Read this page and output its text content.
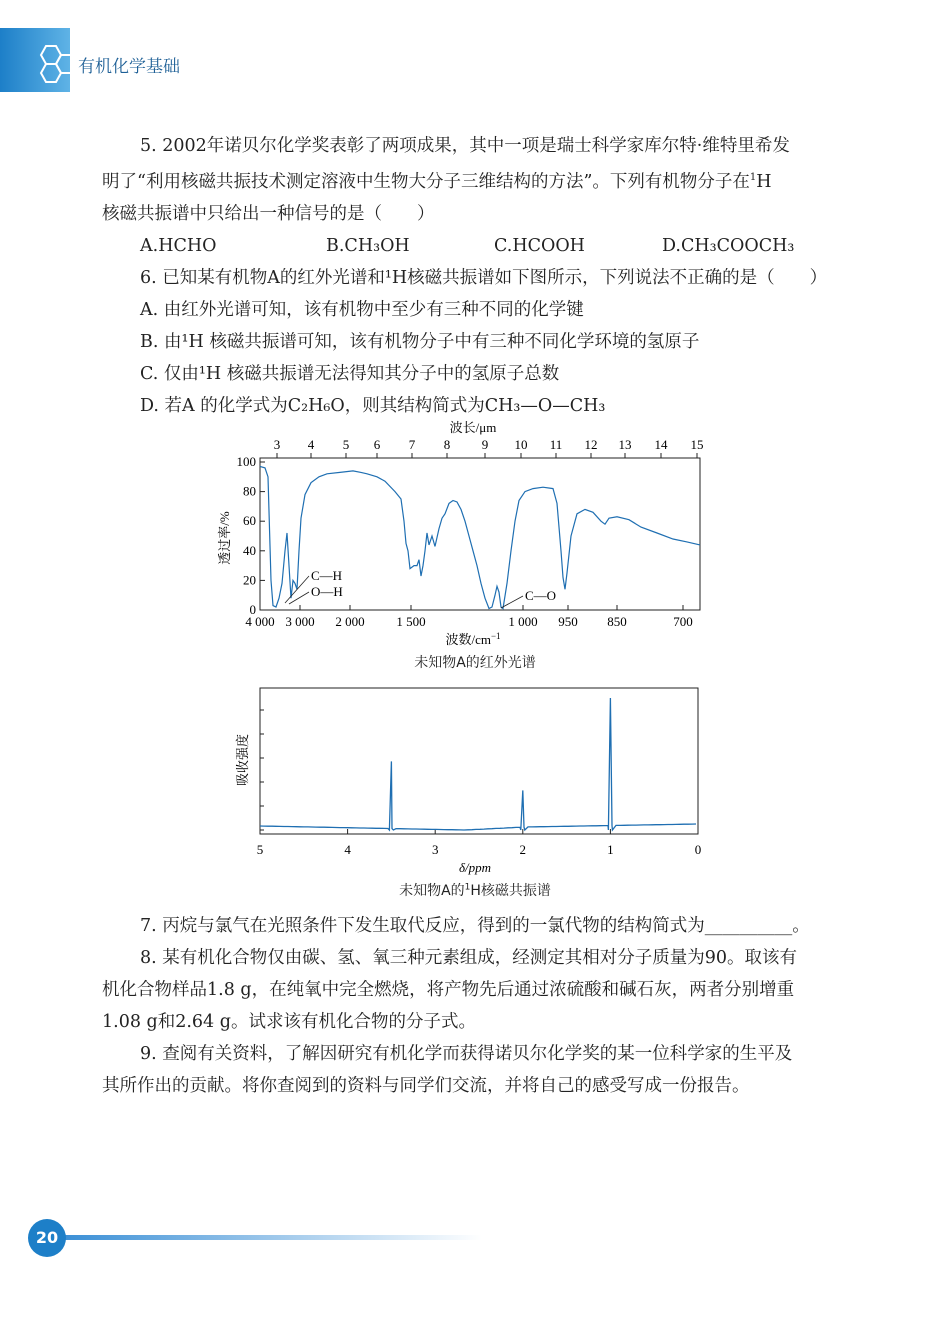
有机化学基础
5. 2002年诺贝尔化学奖表彰了两项成果，其中一项是瑞士科学家库尔特·维特里希发
明了“利用核磁共振技术测定溶液中生物大分子三维结构的方法”。下列有机物分子在$^1$H
核磁共振谱中只给出一种信号的是（　　）
A.HCHO	B.CH₃OH	C.HCOOH	D.CH₃COOCH₃
6. 已知某有机物A的红外光谱和¹H核磁共振谱如下图所示，下列说法不正确的是（　　）
A. 由红外光谱可知，该有机物中至少有三种不同的化学键
B. 由¹H 核磁共振谱可知，该有机物分子中有三种不同化学环境的氢原子
C. 仅由¹H 核磁共振谱无法得知其分子中的氢原子总数
D. 若A 的化学式为C₂H₆O，则其结构简式为CH₃—O—CH₃
波长/μm
3 4 5 6 7 8 9 10 11 12 13 14 15
4 000 3 000 2 000 1 500	1 000 950 850	700
0
20
40
60
80
100
透过率/%
C—H
O—H	C—O
波数$/cm^{-1}$
未知物A的红外光谱
5	4	3	2	1	0
吸收强度
δ/ppm
未知物A的$^1$H核磁共振谱
7. 丙烷与氯气在光照条件下发生取代反应，得到的一氯代物的结构简式为__________。
8. 某有机化合物仅由碳、氢、氧三种元素组成，经测定其相对分子质量为90。取该有
机化合物样品1.8 g，在纯氧中完全燃烧，将产物先后通过浓硫酸和碱石灰，两者分别增重
1.08 g和2.64 g。试求该有机化合物的分子式。
9. 查阅有关资料，了解因研究有机化学而获得诺贝尔化学奖的某一位科学家的生平及
其所作出的贡献。将你查阅到的资料与同学们交流，并将自己的感受写成一份报告。
20
